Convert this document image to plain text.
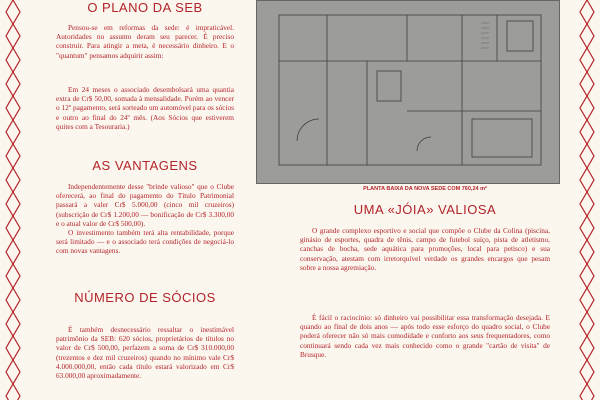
O PLANO DA SEB

Pensou-se em reformas da sede: é impraticável. Autoridades no assunto deram seu parecer. É preciso construir. Para atingir a meta, é necessário dinheiro. E o "quantum" pensamos adquirir assim:

Em 24 meses o associado desembolsará uma quantia extra de Cr$ 50,00, somada à mensalidade. Porém ao vencer o 12º pagamento, será sorteado um automóvel para os sócios e outro ao final do 24º mês. (Aos Sócios que estiverem quites com a Tesouraria.)

AS VANTAGENS

Independentemente desse "brinde valioso" que o Clube oferecerá, ao final do pagamento do Título Patrimonial passará a valer Cr$ 5.000,00 (cinco mil cruzeiros) (subscrição de Cr$ 1.200,00 — bonificação de Cr$ 3.300,00 e o atual valor de Cr$ 500,00).

O investimento também terá alta rentabilidade, porque será limitado — e o associado terá condições de negociá-lo com novas vantagens.

NÚMERO DE SÓCIOS

É também desnecessário ressaltar o inestimável patrimônio da SEB: 620 sócios, proprietários de títulos no valor de Cr$ 500,00, perfazem a soma de Cr$ 310.000,00 (trezentos e dez mil cruzeiros) quando no mínimo vale Cr$ 4.000.000,00, então cada título estará valorizado em Cr$ 63.000,00 aproximadamente.

PLANTA BAIXA DA NOVA SEDE COM 760,24 m²
UMA «JÓIA» VALIOSA

O grande complexo esportivo e social que compõe o Clube da Colina (piscina, ginásio de esportes, quadra de tênis, campo de futebol suíço, pista de atletismo, canchas de bocha, sede aquática para promoções, local para petisco) e sua conservação, atestam com irretorquível verdade os grandes encargos que pesam sobre a nossa agremiação.

É fácil o raciocínio: só dinheiro vai possibilitar essa transformação desejada. E quando ao final de dois anos — após todo esse esforço do quadro social, o Clube poderá oferecer não só mais comodidade e conforto aos seus frequentadores, como continuará sendo cada vez mais conhecido como o grande "cartão de visita" de Brusque.
